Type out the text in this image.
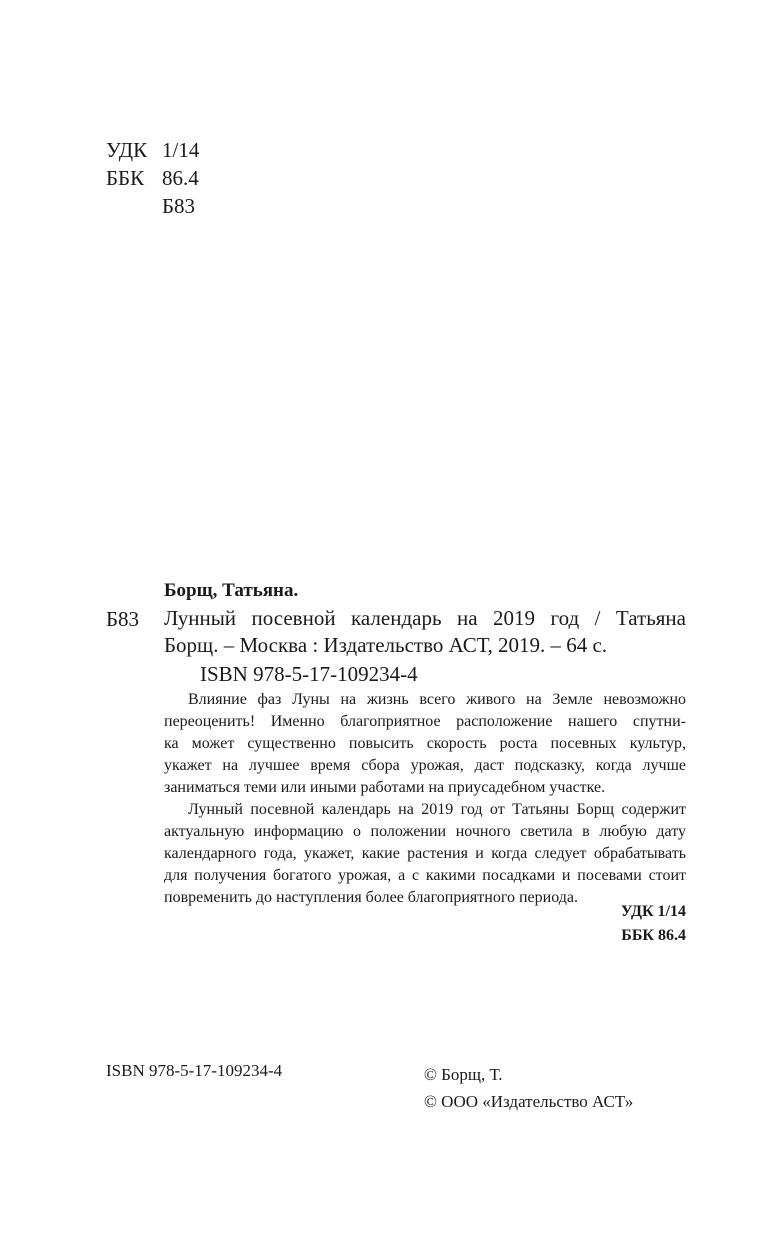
УДК 1/14
ББК 86.4
Б83
Борщ, Татьяна.
Б83 Лунный посевной календарь на 2019 год / Татьяна
Борщ. – Москва : Издательство АСТ, 2019. – 64 с.
ISBN 978-5-17-109234-4
Влияние фаз Луны на жизнь всего живого на Земле невозможно
переоценить! Именно благоприятное расположение нашего спутни-
ка может существенно повысить скорость роста посевных культур,
укажет на лучшее время сбора урожая, даст подсказку, когда лучше
заниматься теми или иными работами на приусадебном участке.
Лунный посевной календарь на 2019 год от Татьяны Борщ содержит
актуальную информацию о положении ночного светила в любую дату
календарного года, укажет, какие растения и когда следует обрабатывать
для получения богатого урожая, а с какими посадками и посевами стоит
повременить до наступления более благоприятного периода.
УДК 1/14
ББК 86.4
ISBN 978-5-17-109234-4	© Борщ, Т.
© ООО «Издательство АСТ»
